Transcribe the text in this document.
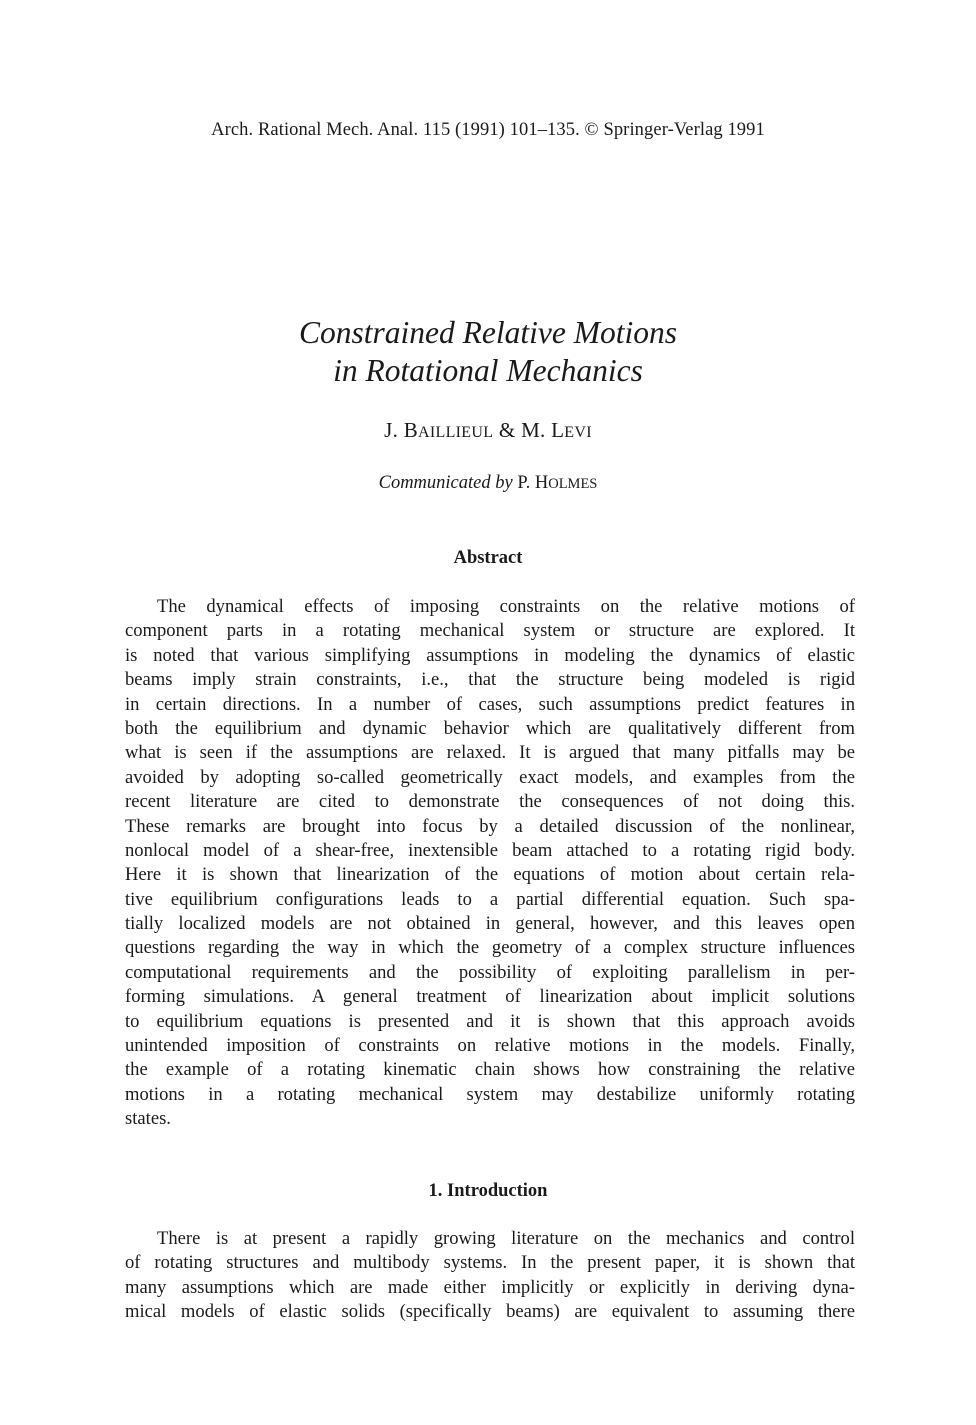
Arch. Rational Mech. Anal. 115 (1991) 101–135. © Springer-Verlag 1991
Constrained Relative Motions
in Rotational Mechanics
J. BAILLIEUL & M. LEVI
Communicated by P. HOLMES
Abstract
The dynamical effects of imposing constraints on the relative motions of
component parts in a rotating mechanical system or structure are explored. It
is noted that various simplifying assumptions in modeling the dynamics of elastic
beams imply strain constraints, i.e., that the structure being modeled is rigid
in certain directions. In a number of cases, such assumptions predict features in
both the equilibrium and dynamic behavior which are qualitatively different from
what is seen if the assumptions are relaxed. It is argued that many pitfalls may be
avoided by adopting so-called geometrically exact models, and examples from the
recent literature are cited to demonstrate the consequences of not doing this.
These remarks are brought into focus by a detailed discussion of the nonlinear,
nonlocal model of a shear-free, inextensible beam attached to a rotating rigid body.
Here it is shown that linearization of the equations of motion about certain rela-
tive equilibrium configurations leads to a partial differential equation. Such spa-
tially localized models are not obtained in general, however, and this leaves open
questions regarding the way in which the geometry of a complex structure influences
computational requirements and the possibility of exploiting parallelism in per-
forming simulations. A general treatment of linearization about implicit solutions
to equilibrium equations is presented and it is shown that this approach avoids
unintended imposition of constraints on relative motions in the models. Finally,
the example of a rotating kinematic chain shows how constraining the relative
motions in a rotating mechanical system may destabilize uniformly rotating
states.
1. Introduction
There is at present a rapidly growing literature on the mechanics and control
of rotating structures and multibody systems. In the present paper, it is shown that
many assumptions which are made either implicitly or explicitly in deriving dyna-
mical models of elastic solids (specifically beams) are equivalent to assuming there
